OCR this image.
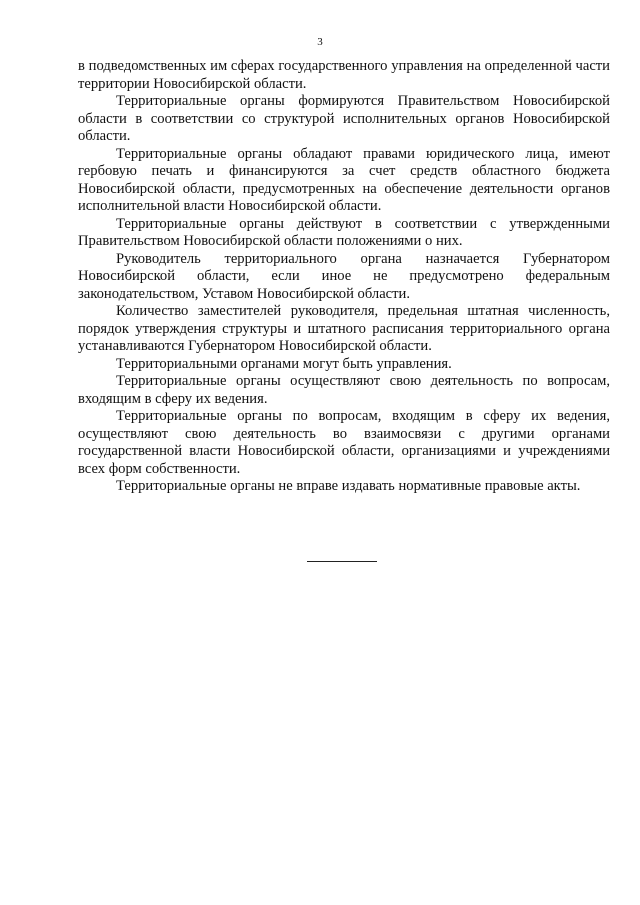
3

в подведомственных им сферах государственного управления на определенной части территории Новосибирской области.

Территориальные органы формируются Правительством Новосибирской области в соответствии со структурой исполнительных органов Новосибирской области.

Территориальные органы обладают правами юридического лица, имеют гербовую печать и финансируются за счет средств областного бюджета Новосибирской области, предусмотренных на обеспечение деятельности органов исполнительной власти Новосибирской области.

Территориальные органы действуют в соответствии с утвержденными Правительством Новосибирской области положениями о них.

Руководитель территориального органа назначается Губернатором Новосибирской области, если иное не предусмотрено федеральным законодательством, Уставом Новосибирской области.

Количество заместителей руководителя, предельная штатная численность, порядок утверждения структуры и штатного расписания территориального органа устанавливаются Губернатором Новосибирской области.

Территориальными органами могут быть управления.

Территориальные органы осуществляют свою деятельность по вопросам, входящим в сферу их ведения.

Территориальные органы по вопросам, входящим в сферу их ведения, осуществляют свою деятельность во взаимосвязи с другими органами государственной власти Новосибирской области, организациями и учреждениями всех форм собственности.

Территориальные органы не вправе издавать нормативные правовые акты.
